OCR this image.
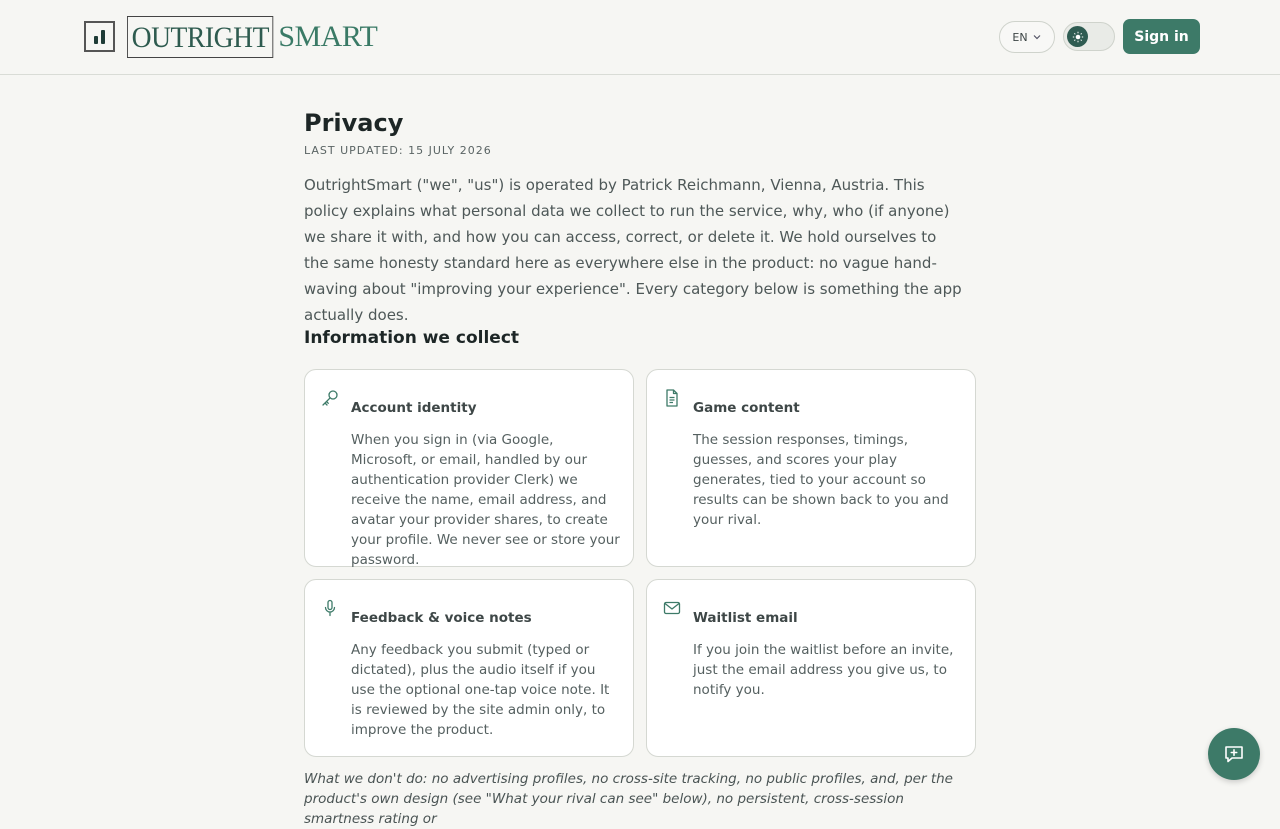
OUTRIGHT SMART	EN	Sign in
Privacy
LAST UPDATED: 15 JULY 2026

OutrightSmart ("we", "us") is operated by Patrick Reichmann, Vienna, Austria. This policy explains what personal data we collect to run the service, why, who (if anyone) we share it with, and how you can access, correct, or delete it. We hold ourselves to the same honesty standard here as everywhere else in the product: no vague hand-waving about "improving your experience". Every category below is something the app actually does.

Information we collect
Account identity
When you sign in (via Google, Microsoft, or email, handled by our authentication provider Clerk) we receive the name, email address, and avatar your provider shares, to create your profile. We never see or store your password.
Game content
The session responses, timings, guesses, and scores your play generates, tied to your account so results can be shown back to you and your rival.
Feedback & voice notes
Any feedback you submit (typed or dictated), plus the audio itself if you use the optional one-tap voice note. It is reviewed by the site admin only, to improve the product.
Waitlist email
If you join the waitlist before an invite, just the email address you give us, to notify you.

What we don't do: no advertising profiles, no cross-site tracking, no public profiles, and, per the product's own design (see "What your rival can see" below), no persistent, cross-session smartness rating or
